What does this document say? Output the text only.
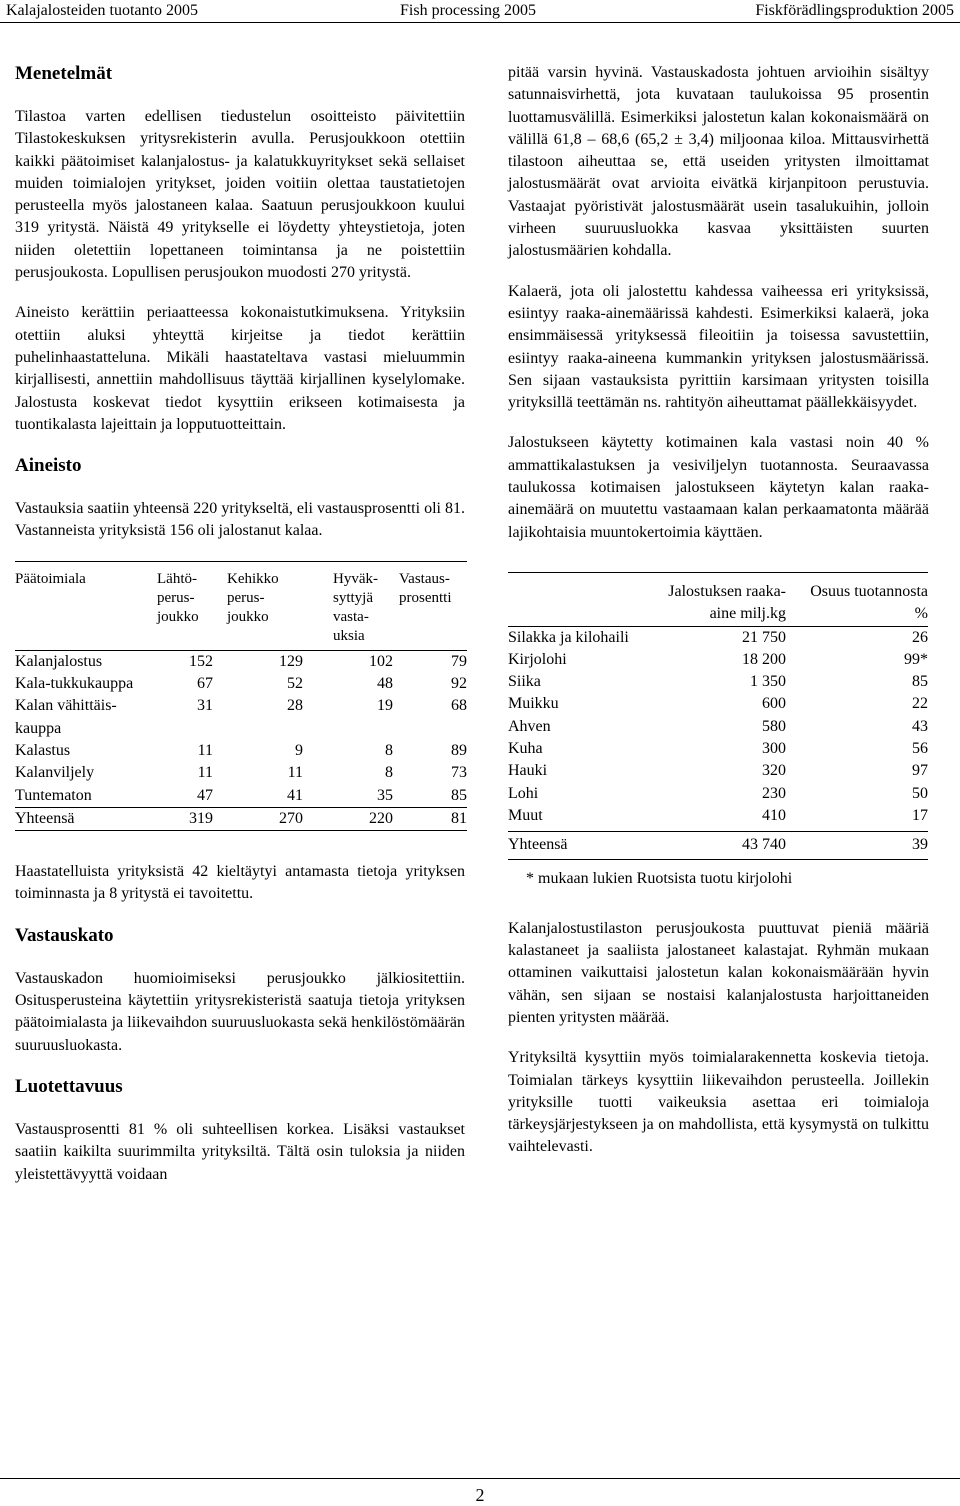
Kalajalosteiden tuotanto 2005	Fish processing 2005	Fiskförädlingsproduktion 2005
Menetelmät

Tilastoa varten edellisen tiedustelun osoitteisto päivitettiin Tilastokeskuksen yritysrekisterin avulla. Perusjoukkoon otettiin kaikki päätoimiset kalanjalostus- ja kalatukkuyritykset sekä sellaiset muiden toimialojen yritykset, joiden voitiin olettaa taustatietojen perusteella myös jalostaneen kalaa. Saatuun perusjoukkoon kuului 319 yritystä. Näistä 49 yritykselle ei löydetty yhteystietoja, joten niiden oletettiin lopettaneen toimintansa ja ne poistettiin perusjoukosta. Lopullisen perusjoukon muodosti 270 yritystä.

Aineisto kerättiin periaatteessa kokonaistutkimuksena. Yrityksiin otettiin aluksi yhteyttä kirjeitse ja tiedot kerättiin puhelinhaastatteluna. Mikäli haastateltava vastasi mieluummin kirjallisesti, annettiin mahdollisuus täyttää kirjallinen kyselylomake. Jalostusta koskevat tiedot kysyttiin erikseen kotimaisesta ja tuontikalasta lajeittain ja lopputuotteittain.

Aineisto

Vastauksia saatiin yhteensä 220 yritykseltä, eli vastausprosentti oli 81. Vastanneista yrityksistä 156 oli jalostanut kalaa.

Päätoimiala	Lähtö-perus-joukko	Kehikko perus-joukko	Hyväk-syttyjä vasta-uksia	Vastaus-prosentti
Kalanjalostus	152	129	102	79
Kala-tukkukauppa	67	52	48	92
Kalan vähittäis-kauppa	31	28	19	68
Kalastus	11	9	8	89
Kalanviljely	11	11	8	73
Tuntematon	47	41	35	85
Yhteensä	319	270	220	81

Haastatelluista yrityksistä 42 kieltäytyi antamasta tietoja yrityksen toiminnasta ja 8 yritystä ei tavoitettu.

Vastauskato

Vastauskadon huomioimiseksi perusjoukko jälkiositettiin. Ositusperusteina käytettiin yritysrekisteristä saatuja tietoja yrityksen päätoimialasta ja liikevaihdon suuruusluokasta sekä henkilöstömäärän suuruusluokasta.

Luotettavuus

Vastausprosentti 81 % oli suhteellisen korkea. Lisäksi vastaukset saatiin kaikilta suurimmilta yrityksiltä. Tältä osin tuloksia ja niiden yleistettävyyttä voidaan

pitää varsin hyvinä. Vastauskadosta johtuen arvioihin sisältyy satunnaisvirhettä, jota kuvataan taulukoissa 95 prosentin luottamusvälillä. Esimerkiksi jalostetun kalan kokonaismäärä on välillä 61,8 – 68,6 (65,2 ± 3,4) miljoonaa kiloa. Mittausvirhettä tilastoon aiheuttaa se, että useiden yritysten ilmoittamat jalostusmäärät ovat arvioita eivätkä kirjanpitoon perustuvia. Vastaajat pyöristivät jalostusmäärät usein tasalukuihin, jolloin virheen suuruusluokka kasvaa yksittäisten suurten jalostusmäärien kohdalla.

Kalaerä, jota oli jalostettu kahdessa vaiheessa eri yrityksissä, esiintyy raaka-ainemäärissä kahdesti. Esimerkiksi kalaerä, joka ensimmäisessä yrityksessä fileoitiin ja toisessa savustettiin, esiintyy raaka-aineena kummankin yrityksen jalostusmäärissä. Sen sijaan vastauksista pyrittiin karsimaan yritysten toisilla yrityksillä teettämän ns. rahtityön aiheuttamat päällekkäisyydet.

Jalostukseen käytetty kotimainen kala vastasi noin 40 % ammattikalastuksen ja vesiviljelyn tuotannosta. Seuraavassa taulukossa kotimaisen jalostukseen käytetyn kalan raaka-ainemäärä on muutettu vastaamaan kalan perkaamatonta määrää lajikohtaisia muuntokertoimia käyttäen.

	Jalostuksen raaka-aine milj.kg	Osuus tuotannosta %
Silakka ja kilohaili	21 750	26
Kirjolohi	18 200	99*
Siika	1 350	85
Muikku	600	22
Ahven	580	43
Kuha	300	56
Hauki	320	97
Lohi	230	50
Muut	410	17
Yhteensä	43 740	39

* mukaan lukien Ruotsista tuotu kirjolohi

Kalanjalostustilaston perusjoukosta puuttuvat pieniä määriä kalastaneet ja saaliista jalostaneet kalastajat. Ryhmän mukaan ottaminen vaikuttaisi jalostetun kalan kokonaismäärään hyvin vähän, sen sijaan se nostaisi kalanjalostusta harjoittaneiden pienten yritysten määrää.

Yrityksiltä kysyttiin myös toimialarakennetta koskevia tietoja. Toimialan tärkeys kysyttiin liikevaihdon perusteella. Joillekin yrityksille tuotti vaikeuksia asettaa eri toimialoja tärkeysjärjestykseen ja on mahdollista, että kysymystä on tulkittu vaihtelevasti.

2
